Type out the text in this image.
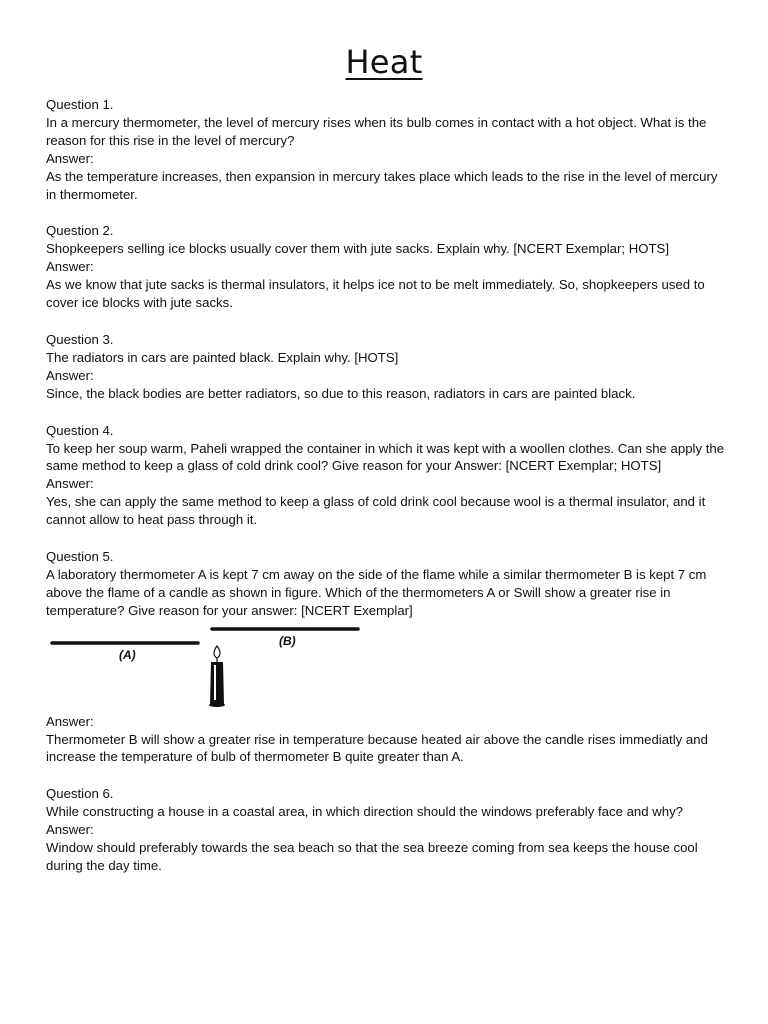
Heat

Question 1.

In a mercury thermometer, the level of mercury rises when its bulb comes in contact with a hot object. What is the reason for this rise in the level of mercury?

Answer:

As the temperature increases, then expansion in mercury takes place which leads to the rise in the level of mercury in thermometer.

Question 2.

Shopkeepers selling ice blocks usually cover them with jute sacks. Explain why. [NCERT Exemplar; HOTS]

Answer:

As we know that jute sacks is thermal insulators, it helps ice not to be melt immediately. So, shopkeepers used to cover ice blocks with jute sacks.

Question 3.

The radiators in cars are painted black. Explain why. [HOTS]

Answer:

Since, the black bodies are better radiators, so due to this reason, radiators in cars are painted black.

Question 4.

To keep her soup warm, Paheli wrapped the container in which it was kept with a woollen clothes. Can she apply the same method to keep a glass of cold drink cool? Give reason for your Answer: [NCERT Exemplar; HOTS]

Answer:

Yes, she can apply the same method to keep a glass of cold drink cool because wool is a thermal insulator, and it cannot allow to heat pass through it.

Question 5.

A laboratory thermometer A is kept 7 cm away on the side of the flame while a similar thermometer B is kept 7 cm above the flame of a candle as shown in figure. Which of the thermometers A or Swill show a greater rise in temperature? Give reason for your answer: [NCERT Exemplar]

(A)
(B)

Answer:

Thermometer B will show a greater rise in temperature because heated air above the candle rises immediatly and increase the temperature of bulb of thermometer B quite greater than A.

Question 6.

While constructing a house in a coastal area, in which direction should the windows preferably face and why?

Answer:

Window should preferably towards the sea beach so that the sea breeze coming from sea keeps the house cool during the day time.
